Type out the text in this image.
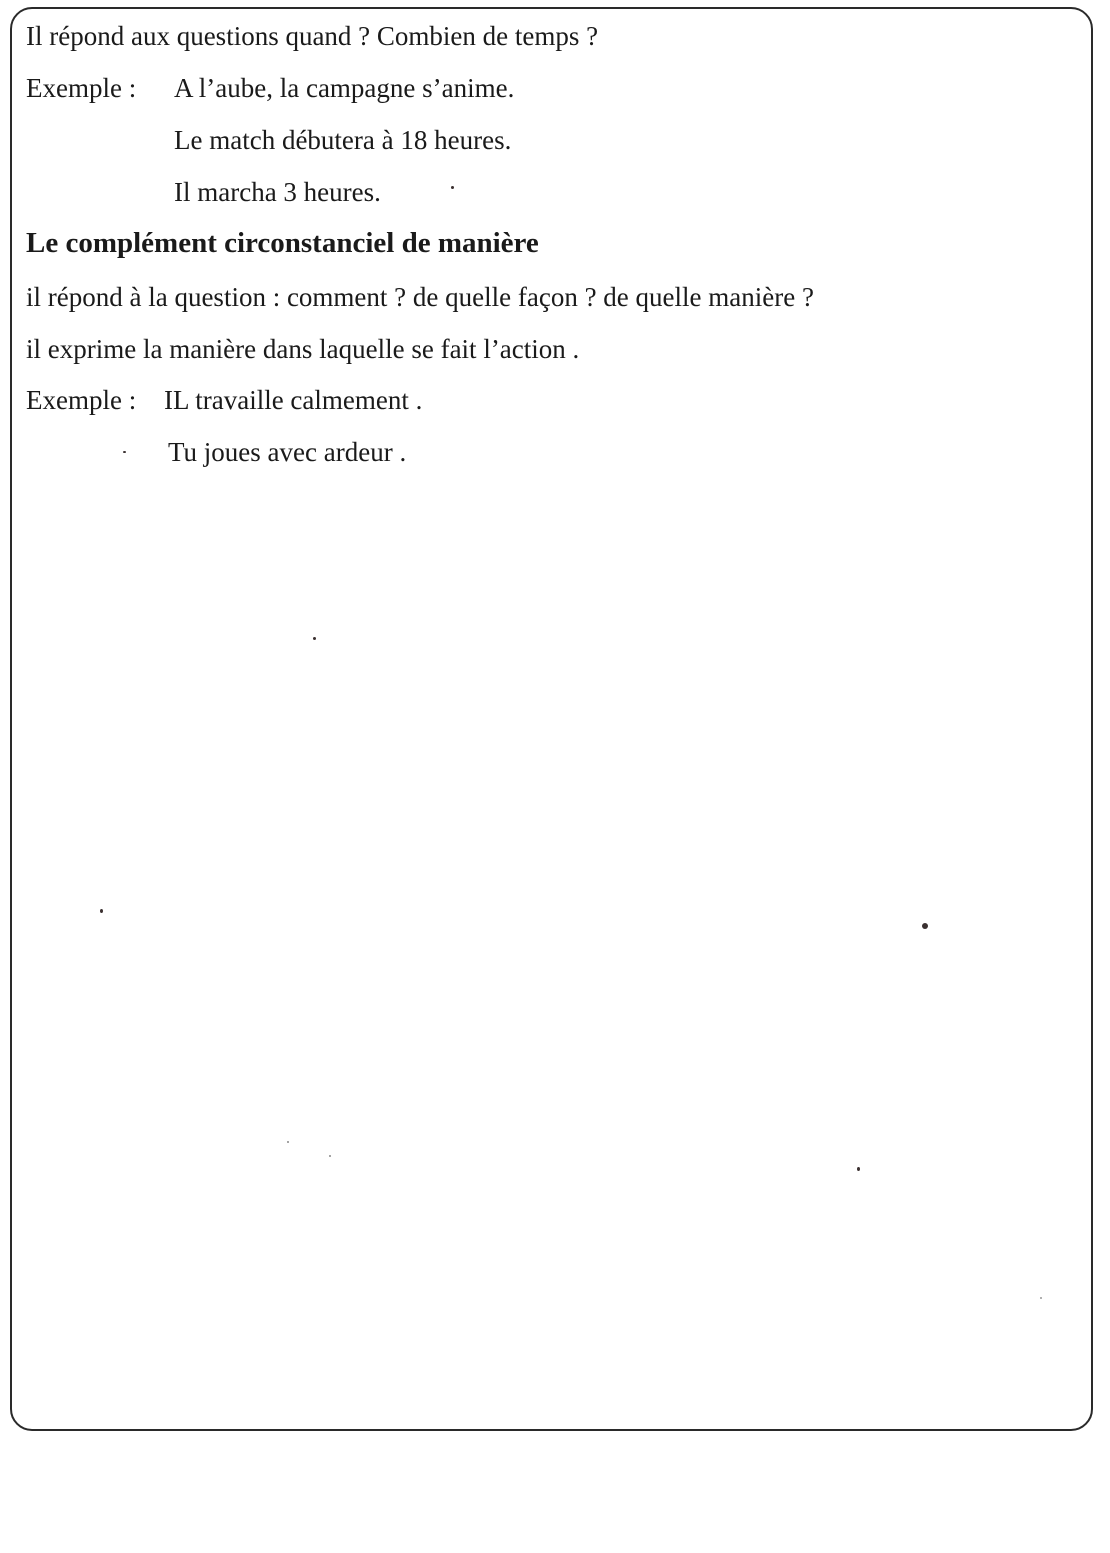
Il répond aux questions quand ? Combien de temps ?
Exemple : A l’aube, la campagne s’anime.
Le match débutera à 18 heures.
Il marcha 3 heures.
Le complément circonstanciel de manière
il répond à la question : comment ? de quelle façon ? de quelle manière ?
il exprime la manière dans laquelle se fait l’action .
Exemple : IL travaille calmement .
Tu joues avec ardeur .
